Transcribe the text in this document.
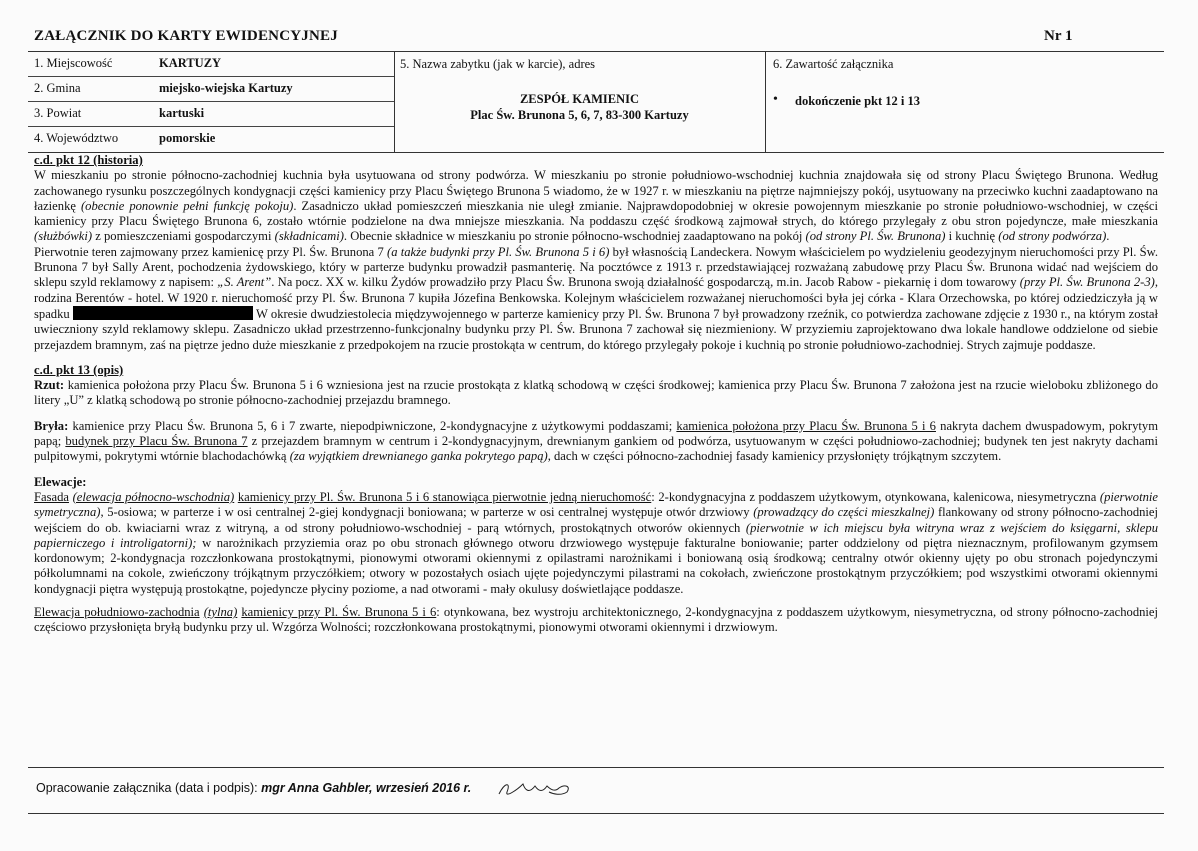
ZAŁĄCZNIK DO KARTY EWIDENCYJNEJ	Nr 1
1. Miejscowość	KARTUZY
2. Gmina	miejsko-wiejska Kartuzy
3. Powiat	kartuski
4. Województwo	pomorskie
5. Nazwa zabytku (jak w karcie), adres
ZESPÓŁ KAMIENIC
Plac Św. Brunona 5, 6, 7, 83-300 Kartuzy
6. Zawartość załącznika
• dokończenie pkt 12 i 13

c.d. pkt 12 (historia)

W mieszkaniu po stronie północno-zachodniej kuchnia była usytuowana od strony podwórza. W mieszkaniu po stronie południowo-wschodniej kuchnia znajdowała się od strony Placu Świętego Brunona. Według zachowanego rysunku poszczególnych kondygnacji części kamienicy przy Placu Świętego Brunona 5 wiadomo, że w 1927 r. w mieszkaniu na piętrze najmniejszy pokój, usytuowany na przeciwko kuchni zaadaptowano na łazienkę (obecnie ponownie pełni funkcję pokoju). Zasadniczo układ pomieszczeń mieszkania nie uległ zmianie. Najprawdopodobniej w okresie powojennym mieszkanie po stronie południowo-wschodniej, w części kamienicy przy Placu Świętego Brunona 6, zostało wtórnie podzielone na dwa mniejsze mieszkania. Na poddaszu część środkową zajmował strych, do którego przylegały z obu stron pojedyncze, małe mieszkania (służbówki) z pomieszczeniami gospodarczymi (składnicami). Obecnie składnice w mieszkaniu po stronie północno-wschodniej zaadaptowano na pokój (od strony Pl. Św. Brunona) i kuchnię (od strony podwórza).

Pierwotnie teren zajmowany przez kamienicę przy Pl. Św. Brunona 7 (a także budynki przy Pl. Św. Brunona 5 i 6) był własnością Landeckera. Nowym właścicielem po wydzieleniu geodezyjnym nieruchomości przy Pl. Św. Brunona 7 był Sally Arent, pochodzenia żydowskiego, który w parterze budynku prowadził pasmanterię. Na pocztówce z 1913 r. przedstawiającej rozważaną zabudowę przy Placu Św. Brunona widać nad wejściem do sklepu szyld reklamowy z napisem: „S. Arent”. Na pocz. XX w. kilku Żydów prowadziło przy Placu Św. Brunona swoją działalność gospodarczą, m.in. Jacob Rabow - piekarnię i dom towarowy (przy Pl. Św. Brunona 2-3), rodzina Berentów - hotel. W 1920 r. nieruchomość przy Pl. Św. Brunona 7 kupiła Józefina Benkowska. Kolejnym właścicielem rozważanej nieruchomości była jej córka - Klara Orzechowska, po której odziedziczyła ją w spadku	W okresie dwudziestolecia międzywojennego w parterze kamienicy przy Pl. Św. Brunona 7 był prowadzony rzeźnik, co potwierdza zachowane zdjęcie z 1930 r., na którym został uwieczniony szyld reklamowy sklepu. Zasadniczo układ przestrzenno-funkcjonalny budynku przy Pl. Św. Brunona 7 zachował się niezmieniony. W przyziemiu zaprojektowano dwa lokale handlowe oddzielone od siebie przejazdem bramnym, zaś na piętrze jedno duże mieszkanie z przedpokojem na rzucie prostokąta w centrum, do którego przylegały pokoje i kuchnią po stronie południowo-zachodniej. Strych zajmuje poddasze.

c.d. pkt 13 (opis)

Rzut: kamienica położona przy Placu Św. Brunona 5 i 6 wzniesiona jest na rzucie prostokąta z klatką schodową w części środkowej; kamienica przy Placu Św. Brunona 7 założona jest na rzucie wieloboku zbliżonego do litery „U” z klatką schodową po stronie północno-zachodniej przejazdu bramnego.

Bryła: kamienice przy Placu Św. Brunona 5, 6 i 7 zwarte, niepodpiwniczone, 2-kondygnacyjne z użytkowymi poddaszami; kamienica położona przy Placu Św. Brunona 5 i 6 nakryta dachem dwuspadowym, pokrytym papą; budynek przy Placu Św. Brunona 7 z przejazdem bramnym w centrum i 2-kondygnacyjnym, drewnianym gankiem od podwórza, usytuowanym w części południowo-zachodniej; budynek ten jest nakryty dachami pulpitowymi, pokrytymi wtórnie blachodachówką (za wyjątkiem drewnianego ganka pokrytego papą), dach w części północno-zachodniej fasady kamienicy przysłonięty trójkątnym szczytem.

Elewacje:

Fasada (elewacja północno-wschodnia) kamienicy przy Pl. Św. Brunona 5 i 6 stanowiąca pierwotnie jedną nieruchomość: 2-kondygnacyjna z poddaszem użytkowym, otynkowana, kalenicowa, niesymetryczna (pierwotnie symetryczna), 5-osiowa; w parterze i w osi centralnej 2-giej kondygnacji boniowana; w parterze w osi centralnej występuje otwór drzwiowy (prowadzący do części mieszkalnej) flankowany od strony północno-zachodniej wejściem do ob. kwiaciarni wraz z witryną, a od strony południowo-wschodniej - parą wtórnych, prostokątnych otworów okiennych (pierwotnie w ich miejscu była witryna wraz z wejściem do księgarni, sklepu papierniczego i introligatorni); w narożnikach przyziemia oraz po obu stronach głównego otworu drzwiowego występuje fakturalne boniowanie; parter oddzielony od piętra nieznacznym, profilowanym gzymsem kordonowym; 2-kondygnacja rozczłonkowana prostokątnymi, pionowymi otworami okiennymi z opilastrami narożnikami i boniowaną osią środkową; centralny otwór okienny ujęty po obu stronach pojedynczymi półkolumnami na cokole, zwieńczony trójkątnym przyczółkiem; otwory w pozostałych osiach ujęte pojedynczymi pilastrami na cokołach, zwieńczone prostokątnym przyczółkiem; pod wszystkimi otworami okiennymi kondygnacji piętra występują prostokątne, pojedyncze płyciny poziome, a nad otworami - mały okulusy doświetlające poddasze.

Elewacja południowo-zachodnia (tylna) kamienicy przy Pl. Św. Brunona 5 i 6: otynkowana, bez wystroju architektonicznego, 2-kondygnacyjna z poddaszem użytkowym, niesymetryczna, od strony północno-zachodniej częściowo przysłonięta bryłą budynku przy ul. Wzgórza Wolności; rozczłonkowana prostokątnymi, pionowymi otworami okiennymi i drzwiowym.

Opracowanie załącznika (data i podpis): mgr Anna Gahbler, wrzesień 2016 r.
